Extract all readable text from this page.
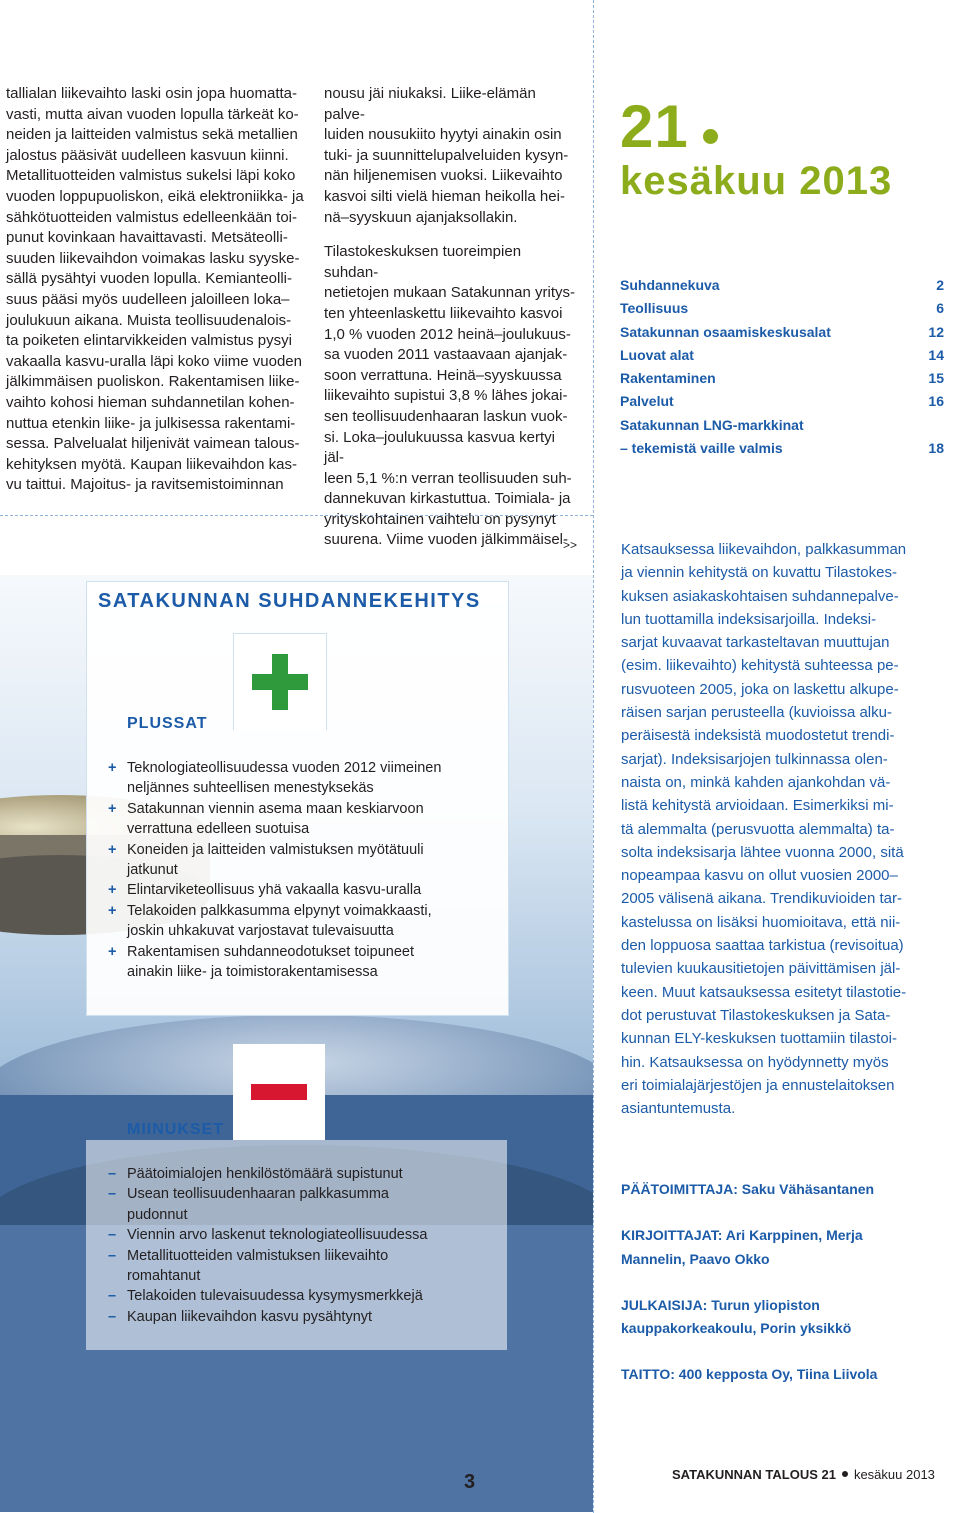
tallialan liikevaihto laski osin jopa huomatta-
vasti, mutta aivan vuoden lopulla tärkeät ko-
neiden ja laitteiden valmistus sekä metallien
jalostus pääsivät uudelleen kasvuun kiinni.
Metallituotteiden valmistus sukelsi läpi koko
vuoden loppupuoliskon, eikä elektroniikka- ja
sähkötuotteiden valmistus edelleenkään toi-
punut kovinkaan havaittavasti. Metsäteolli-
suuden liikevaihdon voimakas lasku syyske-
sällä pysähtyi vuoden lopulla. Kemianteolli-
suus pääsi myös uudelleen jaloilleen loka–
joulukuun aikana. Muista teollisuudenalois-
ta poiketen elintarvikkeiden valmistus pysyi
vakaalla kasvu-uralla läpi koko viime vuoden
jälkimmäisen puoliskon. Rakentamisen liike-
vaihto kohosi hieman suhdannetilan kohen-
nuttua etenkin liike- ja julkisessa rakentami-
sessa. Palvelualat hiljenivät vaimean talous-
kehityksen myötä. Kaupan liikevaihdon kas-
vu taittui. Majoitus- ja ravitsemistoiminnan

nousu jäi niukaksi. Liike-elämän palve-
luiden nousukiito hyytyi ainakin osin
tuki- ja suunnittelupalveluiden kysyn-
nän hiljenemisen vuoksi. Liikevaihto
kasvoi silti vielä hieman heikolla hei-
nä–syyskuun ajanjaksollakin.

Tilastokeskuksen tuoreimpien suhdan-
netietojen mukaan Satakunnan yritys-
ten yhteenlaskettu liikevaihto kasvoi
1,0 % vuoden 2012 heinä–joulukuus-
sa vuoden 2011 vastaavaan ajanjak-
soon verrattuna. Heinä–syyskuussa
liikevaihto supistui 3,8 % lähes jokai-
sen teollisuudenhaaran laskun vuok-
si. Loka–joulukuussa kasvua kertyi jäl-
leen 5,1 %:n verran teollisuuden suh-
dannekuvan kirkastuttua. Toimiala- ja
yrityskohtainen vaihtelu on pysynyt
suurena. Viime vuoden jälkimmäisel-

21
kesäkuu 2013
Suhdannekuva	2
Teollisuus	6
Satakunnan osaamiskeskusalat	12
Luovat alat	14
Rakentaminen	15
Palvelut	16
Satakunnan LNG-markkinat
– tekemistä vaille valmis	18
>>	Katsauksessa liikevaihdon, palkkasumman
ja viennin kehitystä on kuvattu Tilastokes-
kuksen asiakaskohtaisen suhdannepalve-
lun tuottamilla indeksisarjoilla. Indeksi-
sarjat kuvaavat tarkasteltavan muuttujan
(esim. liikevaihto) kehitystä suhteessa pe-
rusvuoteen 2005, joka on laskettu alkupe-
räisen sarjan perusteella (kuvioissa alku-
peräisestä indeksistä muodostetut trendi-
sarjat). Indeksisarjojen tulkinnassa olen-
naista on, minkä kahden ajankohdan vä-
listä kehitystä arvioidaan. Esimerkiksi mi-
tä alemmalta (perusvuotta alemmalta) ta-
solta indeksisarja lähtee vuonna 2000, sitä
nopeampaa kasvu on ollut vuosien 2000–
2005 välisenä aikana. Trendikuvioiden tar-
kastelussa on lisäksi huomioitava, että nii-
den loppuosa saattaa tarkistua (revisoitua)
tulevien kuukausitietojen päivittämisen jäl-
keen. Muut katsauksessa esitetyt tilastotie-
dot perustuvat Tilastokeskuksen ja Sata-
kunnan ELY-keskuksen tuottamiin tilastoi-
hin. Katsauksessa on hyödynnetty myös
eri toimialajärjestöjen ja ennustelaitoksen
asiantuntemusta.

PÄÄTOIMITTAJA: Saku Vähäsantanen

KIRJOITTAJAT: Ari Karppinen, Merja
Mannelin, Paavo Okko

JULKAISIJA: Turun yliopiston
kauppakorkeakoulu, Porin yksikkö

TAITTO: 400 kepposta Oy, Tiina Liivola

SATAKUNNAN SUHDANNEKEHITYS
PLUSSAT
+ Teknologiateollisuudessa vuoden 2012 viimeinen
neljännes suhteellisen menestyksekäs
+ Satakunnan viennin asema maan keskiarvoon
verrattuna edelleen suotuisa
+ Koneiden ja laitteiden valmistuksen myötätuuli
jatkunut
+ Elintarviketeollisuus yhä vakaalla kasvu-uralla
+ Telakoiden palkkasumma elpynyt voimakkaasti,
joskin uhkakuvat varjostavat tulevaisuutta
+ Rakentamisen suhdanneodotukset toipuneet
ainakin liike- ja toimistorakentamisessa
MIINUKSET
– Päätoimialojen henkilöstömäärä supistunut
– Usean teollisuudenhaaran palkkasumma
pudonnut
– Viennin arvo laskenut teknologiateollisuudessa
– Metallituotteiden valmistuksen liikevaihto
romahtanut
– Telakoiden tulevaisuudessa kysymysmerkkejä
– Kaupan liikevaihdon kasvu pysähtynyt
3	SATAKUNNAN TALOUS 21 kesäkuu 2013
